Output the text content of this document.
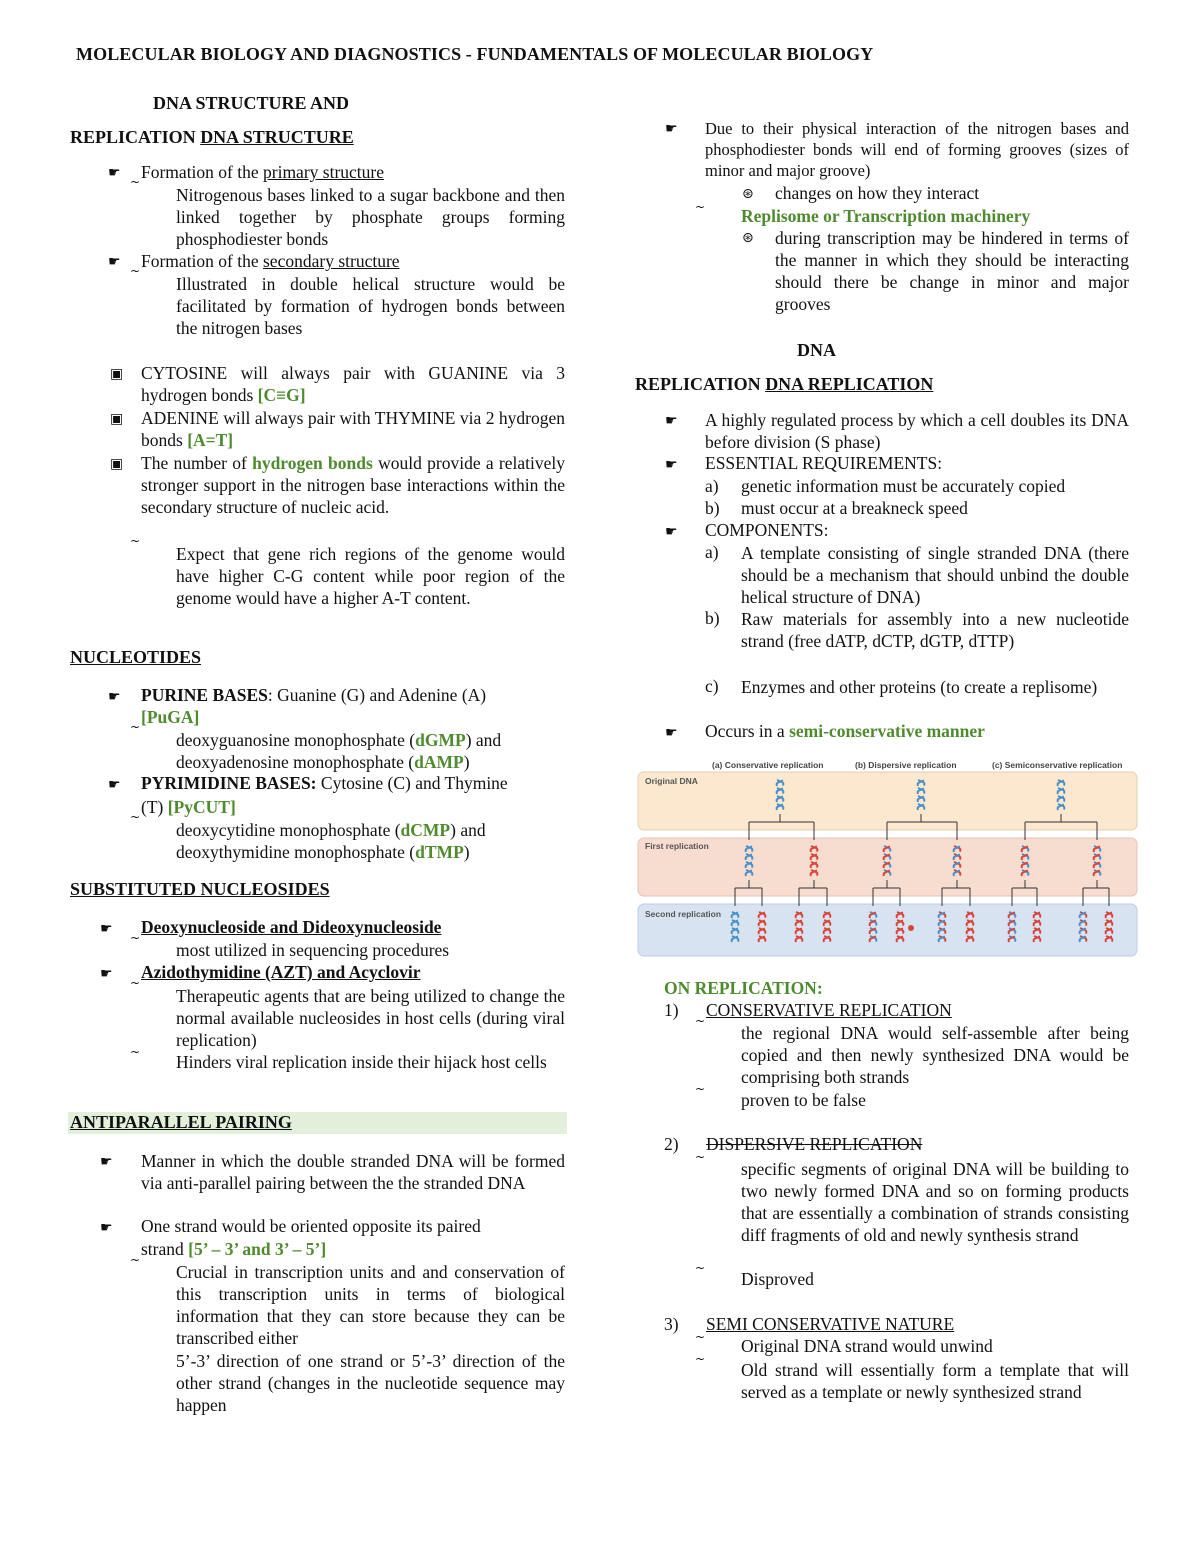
MOLECULAR BIOLOGY AND DIAGNOSTICS - FUNDAMENTALS OF MOLECULAR BIOLOGY
DNA STRUCTURE AND
REPLICATION DNA STRUCTURE
☛
~ Formation of the primary structure
Nitrogenous bases linked to a sugar backbone and then linked together by phosphate groups forming phosphodiester bonds
☛
~ Formation of the secondary structure
Illustrated in double helical structure would be facilitated by formation of hydrogen bonds between the nitrogen bases
▣ CYTOSINE will always pair with GUANINE via 3 hydrogen bonds [C≡G]
▣ ADENINE will always pair with THYMINE via 2 hydrogen bonds [A=T]
▣ The number of hydrogen bonds would provide a relatively stronger support in the nitrogen base interactions within the secondary structure of nucleic acid.
~
Expect that gene rich regions of the genome would have higher C-G content while poor region of the genome would have a higher A-T content.
NUCLEOTIDES
☛ PURINE BASES: Guanine (G) and Adenine (A)
~ [PuGA]
deoxyguanosine monophosphate (dGMP) and
deoxyadenosine monophosphate (dAMP)
☛ PYRIMIDINE BASES: Cytosine (C) and Thymine
~ (T) [PyCUT]
deoxycytidine monophosphate (dCMP) and
deoxythymidine monophosphate (dTMP)
SUBSTITUTED NUCLEOSIDES
☛
~
Deoxynucleoside and Dideoxynucleoside
most utilized in sequencing procedures
☛
~
Azidothymidine (AZT) and Acyclovir
Therapeutic agents that are being utilized to change the normal available nucleosides in host cells (during viral replication)
~ Hinders viral replication inside their hijack host cells
ANTIPARALLEL PAIRING
☛ Manner in which the double stranded DNA will be formed via anti-parallel pairing between the the stranded DNA
☛ One strand would be oriented opposite its paired
~
strand [5’ – 3’ and 3’ – 5’]
Crucial in transcription units and and conservation of this transcription units in terms of biological information that they can store because they can be transcribed either
5’-3’ direction of one strand or 5’-3’ direction of the other strand (changes in the nucleotide sequence may happen
☛ Due to their physical interaction of the nitrogen bases and phosphodiester bonds will end of forming grooves (sizes of minor and major groove)
⊛ changes on how they interact
~ Replisome or Transcription machinery
⊛ during transcription may be hindered in terms of the manner in which they should be interacting should there be change in minor and major grooves
DNA
REPLICATION DNA REPLICATION
☛ A highly regulated process by which a cell doubles its DNA before division (S phase)
☛ ESSENTIAL REQUIREMENTS:
a) genetic information must be accurately copied
b) must occur at a breakneck speed
☛ COMPONENTS:
a) A template consisting of single stranded DNA (there should be a mechanism that should unbind the double helical structure of DNA)
b) Raw materials for assembly into a new nucleotide strand (free dATP, dCTP, dGTP, dTTP)
c) Enzymes and other proteins (to create a replisome)
☛ Occurs in a semi-conservative manner
(a) Conservative replication	(b) Dispersive replication	(c) Semiconservative replication
Original DNA
First replication
Second replication
ON REPLICATION:
1)
~
CONSERVATIVE REPLICATION
the regional DNA would self-assemble after being copied and then newly synthesized DNA would be comprising both strands
~
proven to be false
2)
~
DISPERSIVE REPLICATION
specific segments of original DNA will be building to two newly formed DNA and so on forming products that are essentially a combination of strands consisting diff fragments of old and newly synthesis strand
~
Disproved
3)
~
SEMI CONSERVATIVE NATURE
Original DNA strand would unwind
~
Old strand will essentially form a template that will served as a template or newly synthesized strand
